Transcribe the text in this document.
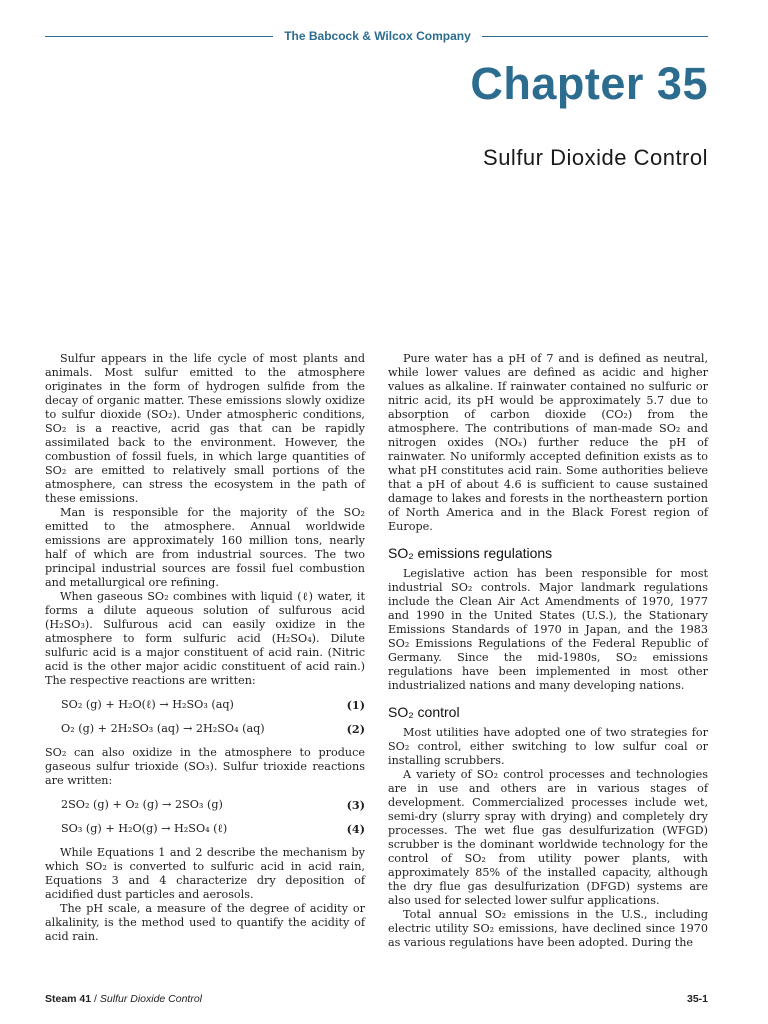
The Babcock & Wilcox Company
Chapter 35
Sulfur Dioxide Control

Sulfur appears in the life cycle of most plants and animals. Most sulfur emitted to the atmosphere originates in the form of hydrogen sulfide from the decay of organic matter. These emissions slowly oxidize to sulfur dioxide (SO₂). Under atmospheric conditions, SO₂ is a reactive, acrid gas that can be rapidly assimilated back to the environment. However, the combustion of fossil fuels, in which large quantities of SO₂ are emitted to relatively small portions of the atmosphere, can stress the ecosystem in the path of these emissions.

Man is responsible for the majority of the SO₂ emitted to the atmosphere. Annual worldwide emissions are approximately 160 million tons, nearly half of which are from industrial sources. The two principal industrial sources are fossil fuel combustion and metallurgical ore refining.

When gaseous SO₂ combines with liquid (ℓ) water, it forms a dilute aqueous solution of sulfurous acid (H₂SO₃). Sulfurous acid can easily oxidize in the atmosphere to form sulfuric acid (H₂SO₄). Dilute sulfuric acid is a major constituent of acid rain. (Nitric acid is the other major acidic constituent of acid rain.) The respective reactions are written:

SO₂ (g) + H₂O(ℓ) → H₂SO₃ (aq)	(1)
O₂ (g) + 2H₂SO₃ (aq) → 2H₂SO₄ (aq)	(2)

SO₂ can also oxidize in the atmosphere to produce gaseous sulfur trioxide (SO₃). Sulfur trioxide reactions are written:

2SO₂ (g) + O₂ (g) → 2SO₃ (g)	(3)
SO₃ (g) + H₂O(g) → H₂SO₄ (ℓ)	(4)

While Equations 1 and 2 describe the mechanism by which SO₂ is converted to sulfuric acid in acid rain, Equations 3 and 4 characterize dry deposition of acidified dust particles and aerosols.

The pH scale, a measure of the degree of acidity or alkalinity, is the method used to quantify the acidity of acid rain.

Pure water has a pH of 7 and is defined as neutral, while lower values are defined as acidic and higher values as alkaline. If rainwater contained no sulfuric or nitric acid, its pH would be approximately 5.7 due to absorption of carbon dioxide (CO₂) from the atmosphere. The contributions of man-made SO₂ and nitrogen oxides (NOₓ) further reduce the pH of rainwater. No uniformly accepted definition exists as to what pH constitutes acid rain. Some authorities believe that a pH of about 4.6 is sufficient to cause sustained damage to lakes and forests in the northeastern portion of North America and in the Black Forest region of Europe.

SO₂ emissions regulations

Legislative action has been responsible for most industrial SO₂ controls. Major landmark regulations include the Clean Air Act Amendments of 1970, 1977 and 1990 in the United States (U.S.), the Stationary Emissions Standards of 1970 in Japan, and the 1983 SO₂ Emissions Regulations of the Federal Republic of Germany. Since the mid-1980s, SO₂ emissions regulations have been implemented in most other industrialized nations and many developing nations.

SO₂ control

Most utilities have adopted one of two strategies for SO₂ control, either switching to low sulfur coal or installing scrubbers.

A variety of SO₂ control processes and technologies are in use and others are in various stages of development. Commercialized processes include wet, semi-dry (slurry spray with drying) and completely dry processes. The wet flue gas desulfurization (WFGD) scrubber is the dominant worldwide technology for the control of SO₂ from utility power plants, with approximately 85% of the installed capacity, although the dry flue gas desulfurization (DFGD) systems are also used for selected lower sulfur applications.

Total annual SO₂ emissions in the U.S., including electric utility SO₂ emissions, have declined since 1970 as various regulations have been adopted. During the

Steam 41 / Sulfur Dioxide Control	35-1
